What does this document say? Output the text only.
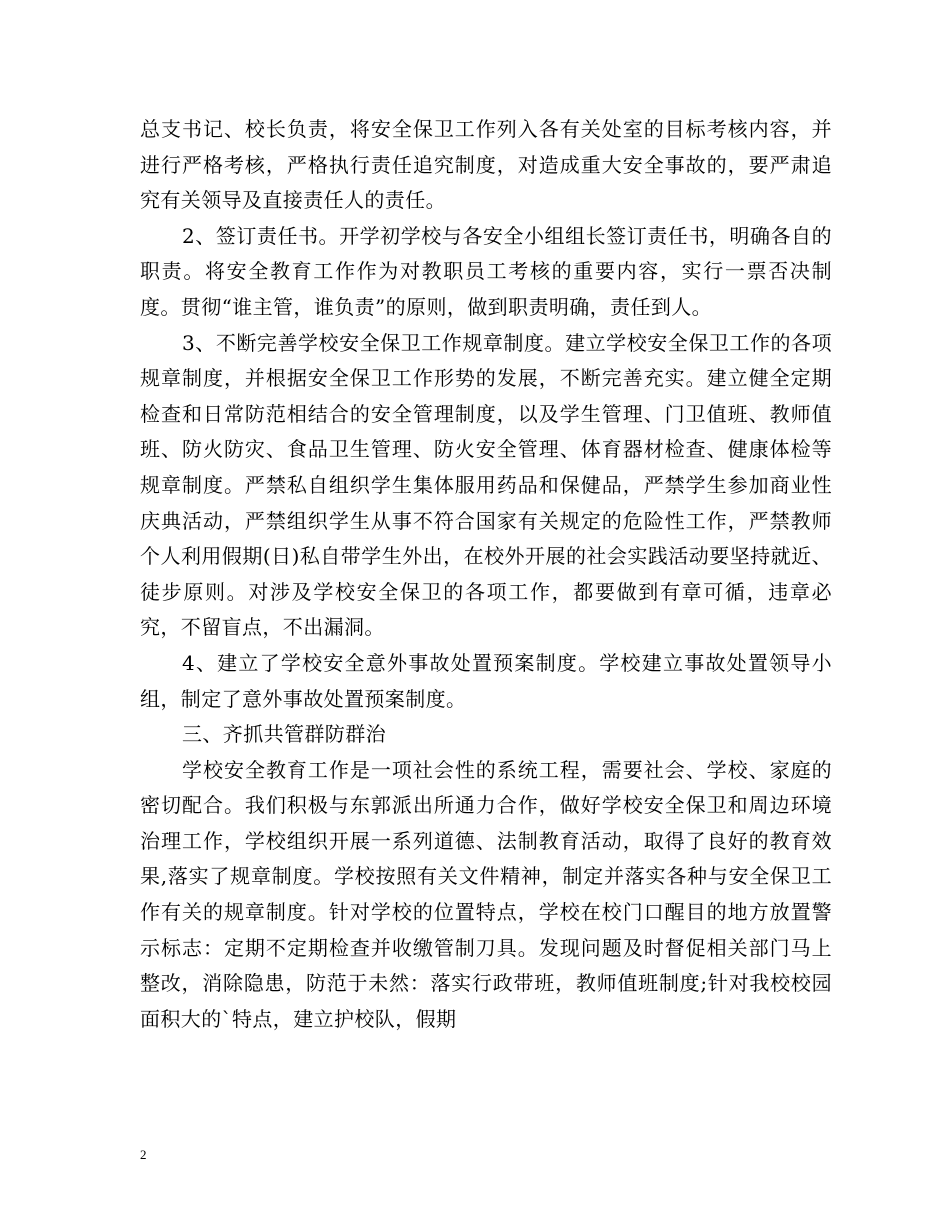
总支书记、校长负责，将安全保卫工作列入各有关处室的目标考核内容，并进行严格考核，严格执行责任追究制度，对造成重大安全事故的，要严肃追究有关领导及直接责任人的责任。

2、签订责任书。开学初学校与各安全小组组长签订责任书，明确各自的职责。将安全教育工作作为对教职员工考核的重要内容，实行一票否决制度。贯彻“谁主管，谁负责”的原则，做到职责明确，责任到人。

3、不断完善学校安全保卫工作规章制度。建立学校安全保卫工作的各项规章制度，并根据安全保卫工作形势的发展，不断完善充实。建立健全定期检查和日常防范相结合的安全管理制度，以及学生管理、门卫值班、教师值班、防火防灾、食品卫生管理、防火安全管理、体育器材检查、健康体检等规章制度。严禁私自组织学生集体服用药品和保健品，严禁学生参加商业性庆典活动，严禁组织学生从事不符合国家有关规定的危险性工作，严禁教师个人利用假期(日)私自带学生外出，在校外开展的社会实践活动要坚持就近、徒步原则。对涉及学校安全保卫的各项工作，都要做到有章可循，违章必究，不留盲点，不出漏洞。

4、建立了学校安全意外事故处置预案制度。学校建立事故处置领导小组，制定了意外事故处置预案制度。

三、齐抓共管群防群治

学校安全教育工作是一项社会性的系统工程，需要社会、学校、家庭的密切配合。我们积极与东郭派出所通力合作，做好学校安全保卫和周边环境治理工作，学校组织开展一系列道德、法制教育活动，取得了良好的教育效果,落实了规章制度。学校按照有关文件精神，制定并落实各种与安全保卫工作有关的规章制度。针对学校的位置特点，学校在校门口醒目的地方放置警示标志：定期不定期检查并收缴管制刀具。发现问题及时督促相关部门马上整改，消除隐患，防范于未然：落实行政带班，教师值班制度;针对我校校园面积大的`特点，建立护校队，假期

2
